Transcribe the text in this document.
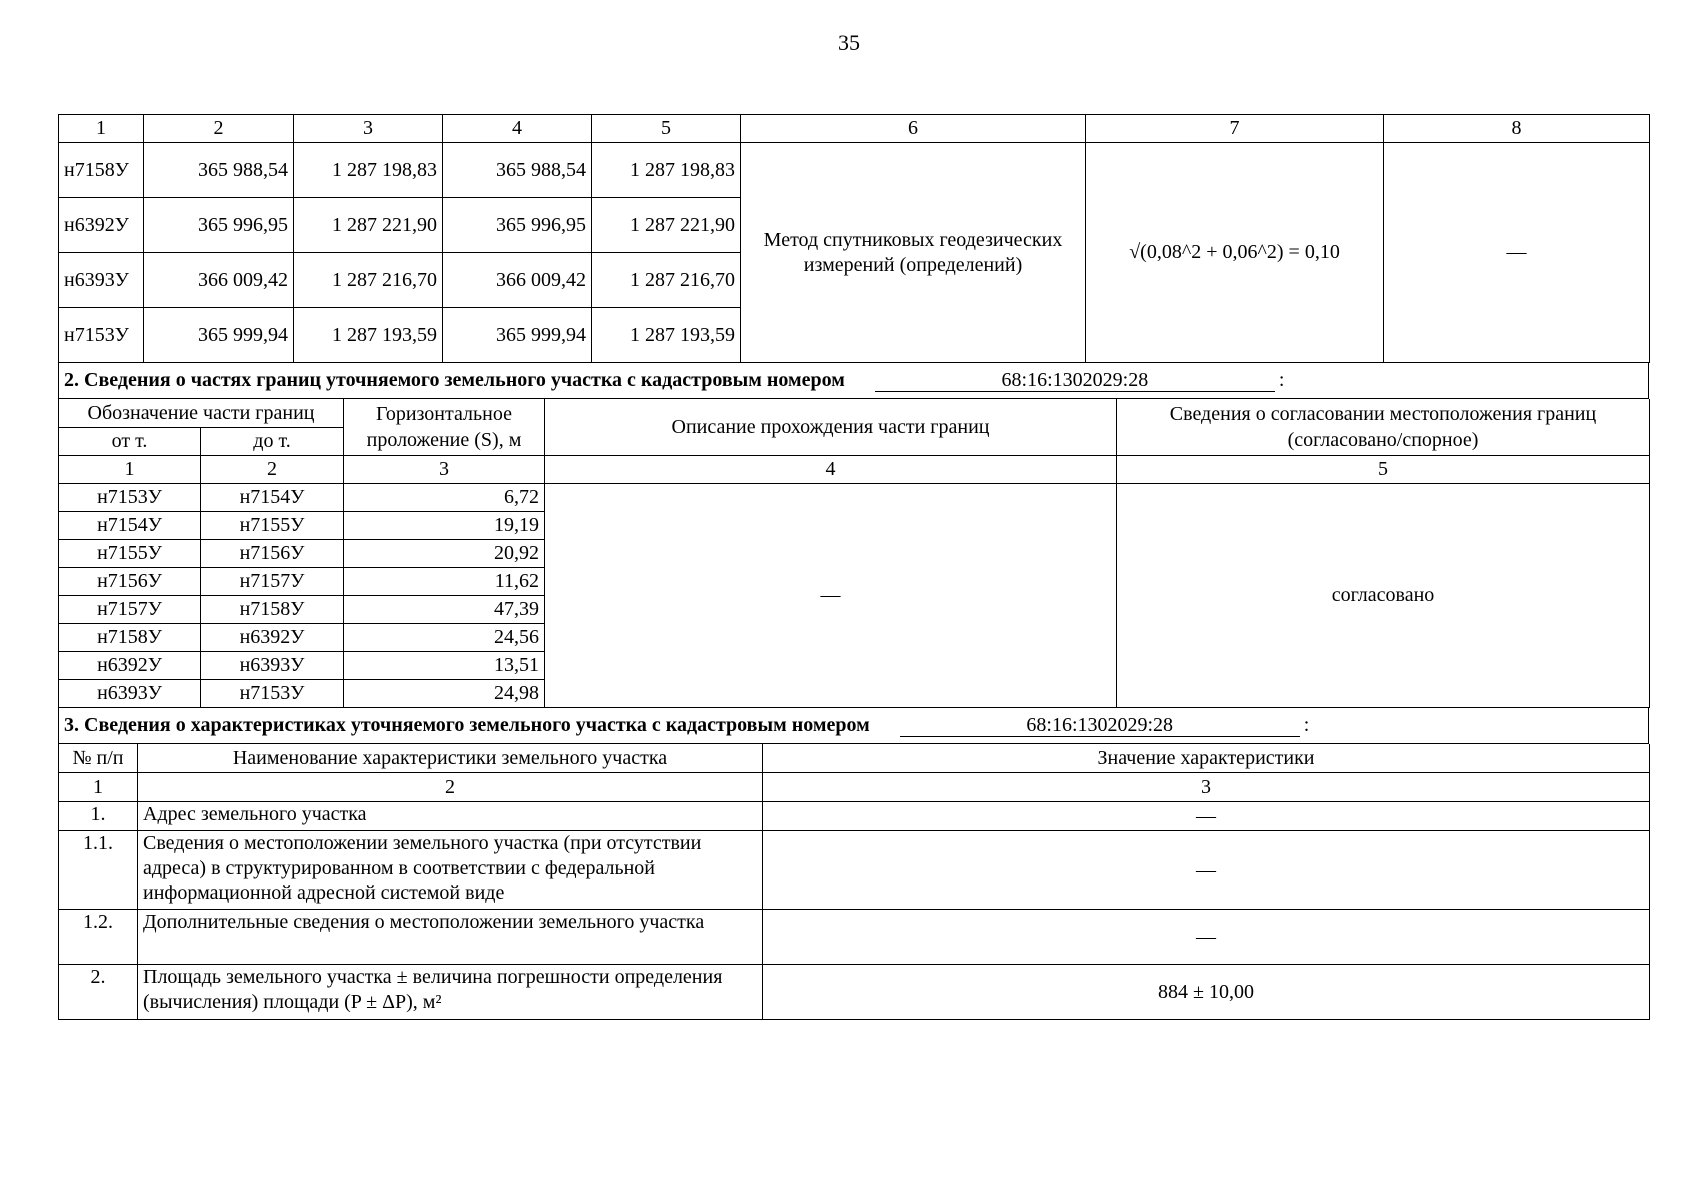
35
1	2	3	4	5	6	7	8
н7158У	365 988,54	1 287 198,83	365 988,54	1 287 198,83	Метод спутниковых геодезических измерений (определений)	√(0,08^2 + 0,06^2) = 0,10	—
н6392У	365 996,95	1 287 221,90	365 996,95	1 287 221,90			
н6393У	366 009,42	1 287 216,70	366 009,42	1 287 216,70			
н7153У	365 999,94	1 287 193,59	365 999,94	1 287 193,59			
2. Сведения о частях границ уточняемого земельного участка с кадастровым номером	68:16:1302029:28	:
Обозначение части границ		Горизонтальное проложение (S), м	Описание прохождения части границ	Сведения о согласовании местоположения границ (согласовано/спорное)
от т.	до т.			
1	2	3	4	5
н7153У	н7154У	6,72	—	согласовано
н7154У	н7155У	19,19		
н7155У	н7156У	20,92		
н7156У	н7157У	11,62		
н7157У	н7158У	47,39		
н7158У	н6392У	24,56		
н6392У	н6393У	13,51		
н6393У	н7153У	24,98		
3. Сведения о характеристиках уточняемого земельного участка с кадастровым номером	68:16:1302029:28	:
№ п/п	Наименование характеристики земельного участка	Значение характеристики
1	2	3
1.	Адрес земельного участка	—
1.1.	Сведения о местоположении земельного участка (при отсутствии адреса) в структурированном в соответствии с федеральной информационной адресной системой виде	—
1.2.	Дополнительные сведения о местоположении земельного участка	—
2.	Площадь земельного участка ± величина погрешности определения (вычисления) площади (P ± ΔP), м²	884 ± 10,00
